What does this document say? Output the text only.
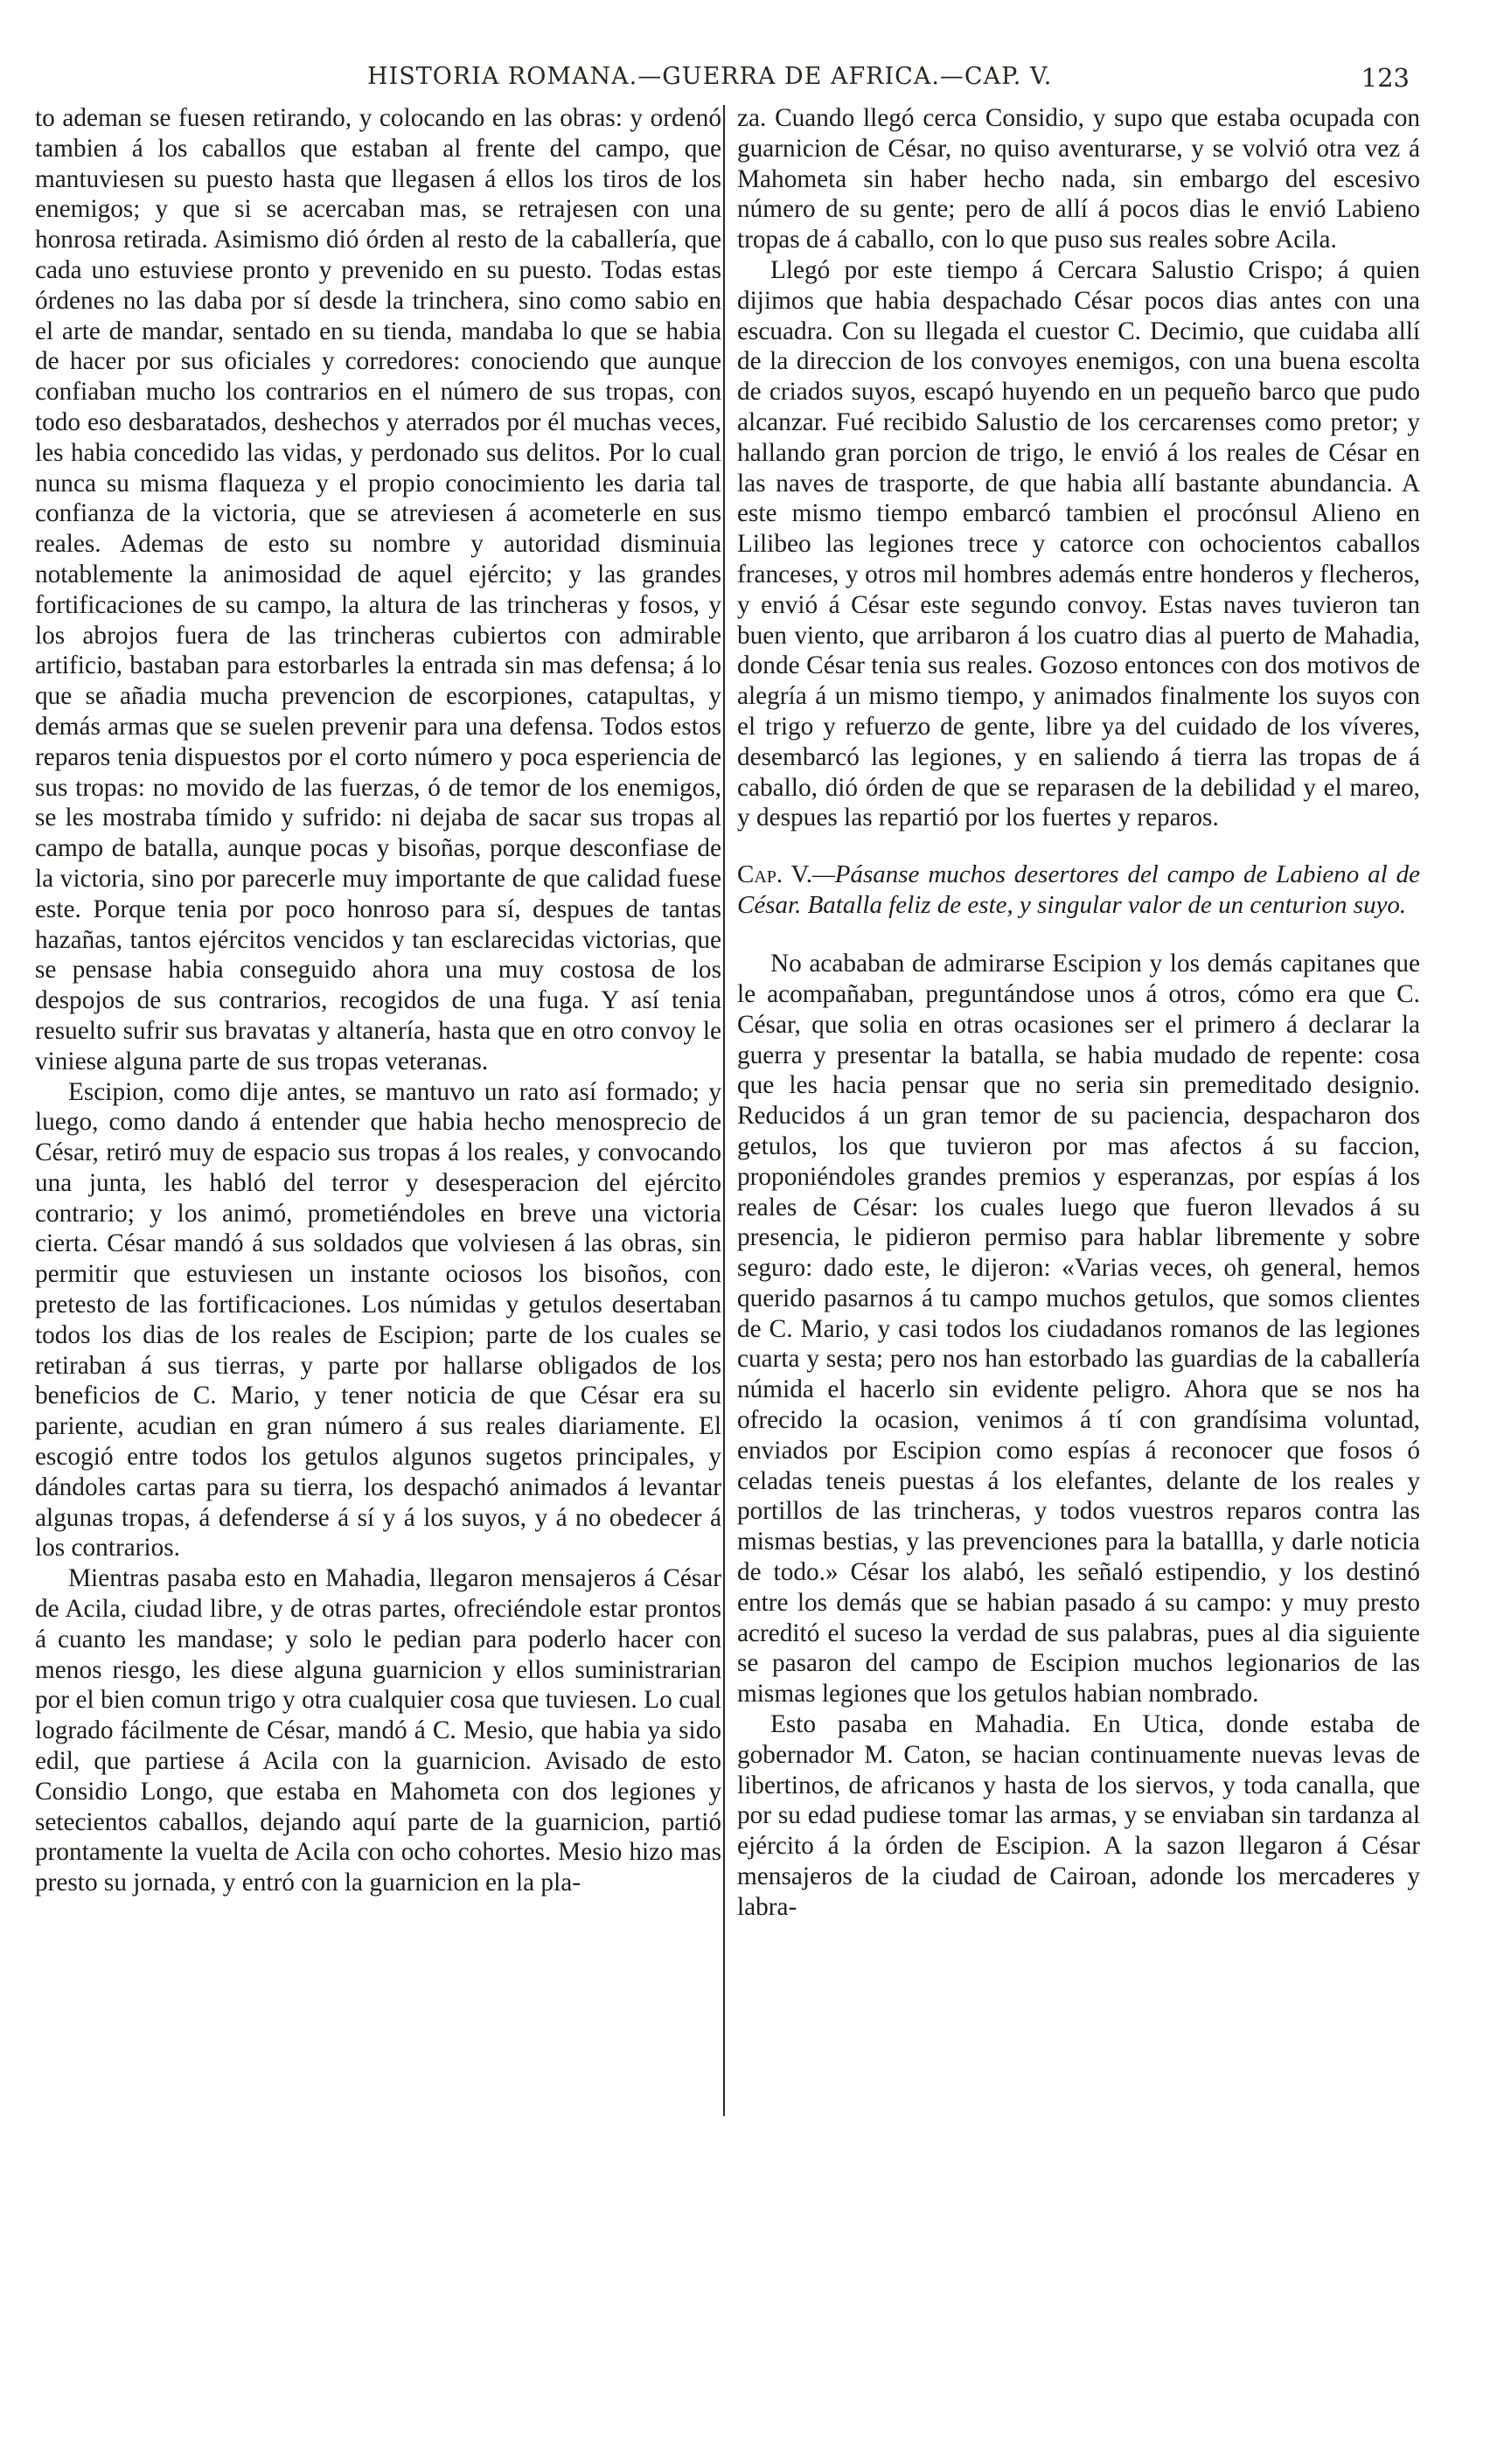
HISTORIA ROMANA.—GUERRA DE AFRICA.—CAP. V.	123

to ademan se fuesen retirando, y colocando en las obras: y ordenó tambien á los caballos que estaban al frente del campo, que mantuviesen su puesto hasta que llegasen á ellos los tiros de los enemigos; y que si se acercaban mas, se retrajesen con una honrosa retirada. Asimismo dió órden al resto de la caballería, que cada uno estuviese pronto y prevenido en su puesto. Todas estas órdenes no las daba por sí desde la trinchera, sino como sabio en el arte de mandar, sentado en su tienda, mandaba lo que se habia de hacer por sus oficiales y corredores: conociendo que aunque confiaban mucho los contrarios en el número de sus tropas, con todo eso desbaratados, deshechos y aterrados por él muchas veces, les habia concedido las vidas, y perdonado sus delitos. Por lo cual nunca su misma flaqueza y el propio conocimiento les daria tal confianza de la victoria, que se atreviesen á acometerle en sus reales. Ademas de esto su nombre y autoridad disminuia notablemente la animosidad de aquel ejército; y las grandes fortificaciones de su campo, la altura de las trincheras y fosos, y los abrojos fuera de las trincheras cubiertos con admirable artificio, bastaban para estorbarles la entrada sin mas defensa; á lo que se añadia mucha prevencion de escorpiones, catapultas, y demás armas que se suelen prevenir para una defensa. Todos estos reparos tenia dispuestos por el corto número y poca esperiencia de sus tropas: no movido de las fuerzas, ó de temor de los enemigos, se les mostraba tímido y sufrido: ni dejaba de sacar sus tropas al campo de batalla, aunque pocas y bisoñas, porque desconfiase de la victoria, sino por parecerle muy importante de que calidad fuese este. Porque tenia por poco honroso para sí, despues de tantas hazañas, tantos ejércitos vencidos y tan esclarecidas victorias, que se pensase habia conseguido ahora una muy costosa de los despojos de sus contrarios, recogidos de una fuga. Y así tenia resuelto sufrir sus bravatas y altanería, hasta que en otro convoy le viniese alguna parte de sus tropas veteranas.

Escipion, como dije antes, se mantuvo un rato así formado; y luego, como dando á entender que habia hecho menosprecio de César, retiró muy de espacio sus tropas á los reales, y convocando una junta, les habló del terror y desesperacion del ejército contrario; y los animó, prometiéndoles en breve una victoria cierta. César mandó á sus soldados que volviesen á las obras, sin permitir que estuviesen un instante ociosos los bisoños, con pretesto de las fortificaciones. Los númidas y getulos desertaban todos los dias de los reales de Escipion; parte de los cuales se retiraban á sus tierras, y parte por hallarse obligados de los beneficios de C. Mario, y tener noticia de que César era su pariente, acudian en gran número á sus reales diariamente. El escogió entre todos los getulos algunos sugetos principales, y dándoles cartas para su tierra, los despachó animados á levantar algunas tropas, á defenderse á sí y á los suyos, y á no obedecer á los contrarios.

Mientras pasaba esto en Mahadia, llegaron mensajeros á César de Acila, ciudad libre, y de otras partes, ofreciéndole estar prontos á cuanto les mandase; y solo le pedian para poderlo hacer con menos riesgo, les diese alguna guarnicion y ellos suministrarian por el bien comun trigo y otra cualquier cosa que tuviesen. Lo cual logrado fácilmente de César, mandó á C. Mesio, que habia ya sido edil, que partiese á Acila con la guarnicion. Avisado de esto Considio Longo, que estaba en Mahometa con dos legiones y setecientos caballos, dejando aquí parte de la guarnicion, partió prontamente la vuelta de Acila con ocho cohortes. Mesio hizo mas presto su jornada, y entró con la guarnicion en la pla-

za. Cuando llegó cerca Considio, y supo que estaba ocupada con guarnicion de César, no quiso aventurarse, y se volvió otra vez á Mahometa sin haber hecho nada, sin embargo del escesivo número de su gente; pero de allí á pocos dias le envió Labieno tropas de á caballo, con lo que puso sus reales sobre Acila.

Llegó por este tiempo á Cercara Salustio Crispo; á quien dijimos que habia despachado César pocos dias antes con una escuadra. Con su llegada el cuestor C. Decimio, que cuidaba allí de la direccion de los convoyes enemigos, con una buena escolta de criados suyos, escapó huyendo en un pequeño barco que pudo alcanzar. Fué recibido Salustio de los cercarenses como pretor; y hallando gran porcion de trigo, le envió á los reales de César en las naves de trasporte, de que habia allí bastante abundancia. A este mismo tiempo embarcó tambien el procónsul Alieno en Lilibeo las legiones trece y catorce con ochocientos caballos franceses, y otros mil hombres además entre honderos y flecheros, y envió á César este segundo convoy. Estas naves tuvieron tan buen viento, que arribaron á los cuatro dias al puerto de Mahadia, donde César tenia sus reales. Gozoso entonces con dos motivos de alegría á un mismo tiempo, y animados finalmente los suyos con el trigo y refuerzo de gente, libre ya del cuidado de los víveres, desembarcó las legiones, y en saliendo á tierra las tropas de á caballo, dió órden de que se reparasen de la debilidad y el mareo, y despues las repartió por los fuertes y reparos.

Cap. V.—Pásanse muchos desertores del campo de Labieno al de César. Batalla feliz de este, y singular valor de un centurion suyo.

No acababan de admirarse Escipion y los demás capitanes que le acompañaban, preguntándose unos á otros, cómo era que C. César, que solia en otras ocasiones ser el primero á declarar la guerra y presentar la batalla, se habia mudado de repente: cosa que les hacia pensar que no seria sin premeditado designio. Reducidos á un gran temor de su paciencia, despacharon dos getulos, los que tuvieron por mas afectos á su faccion, proponiéndoles grandes premios y esperanzas, por espías á los reales de César: los cuales luego que fueron llevados á su presencia, le pidieron permiso para hablar libremente y sobre seguro: dado este, le dijeron: «Varias veces, oh general, hemos querido pasarnos á tu campo muchos getulos, que somos clientes de C. Mario, y casi todos los ciudadanos romanos de las legiones cuarta y sesta; pero nos han estorbado las guardias de la caballería númida el hacerlo sin evidente peligro. Ahora que se nos ha ofrecido la ocasion, venimos á tí con grandísima voluntad, enviados por Escipion como espías á reconocer que fosos ó celadas teneis puestas á los elefantes, delante de los reales y portillos de las trincheras, y todos vuestros reparos contra las mismas bestias, y las prevenciones para la batallla, y darle noticia de todo.» César los alabó, les señaló estipendio, y los destinó entre los demás que se habian pasado á su campo: y muy presto acreditó el suceso la verdad de sus palabras, pues al dia siguiente se pasaron del campo de Escipion muchos legionarios de las mismas legiones que los getulos habian nombrado.

Esto pasaba en Mahadia. En Utica, donde estaba de gobernador M. Caton, se hacian continuamente nuevas levas de libertinos, de africanos y hasta de los siervos, y toda canalla, que por su edad pudiese tomar las armas, y se enviaban sin tardanza al ejército á la órden de Escipion. A la sazon llegaron á César mensajeros de la ciudad de Cairoan, adonde los mercaderes y labra-
